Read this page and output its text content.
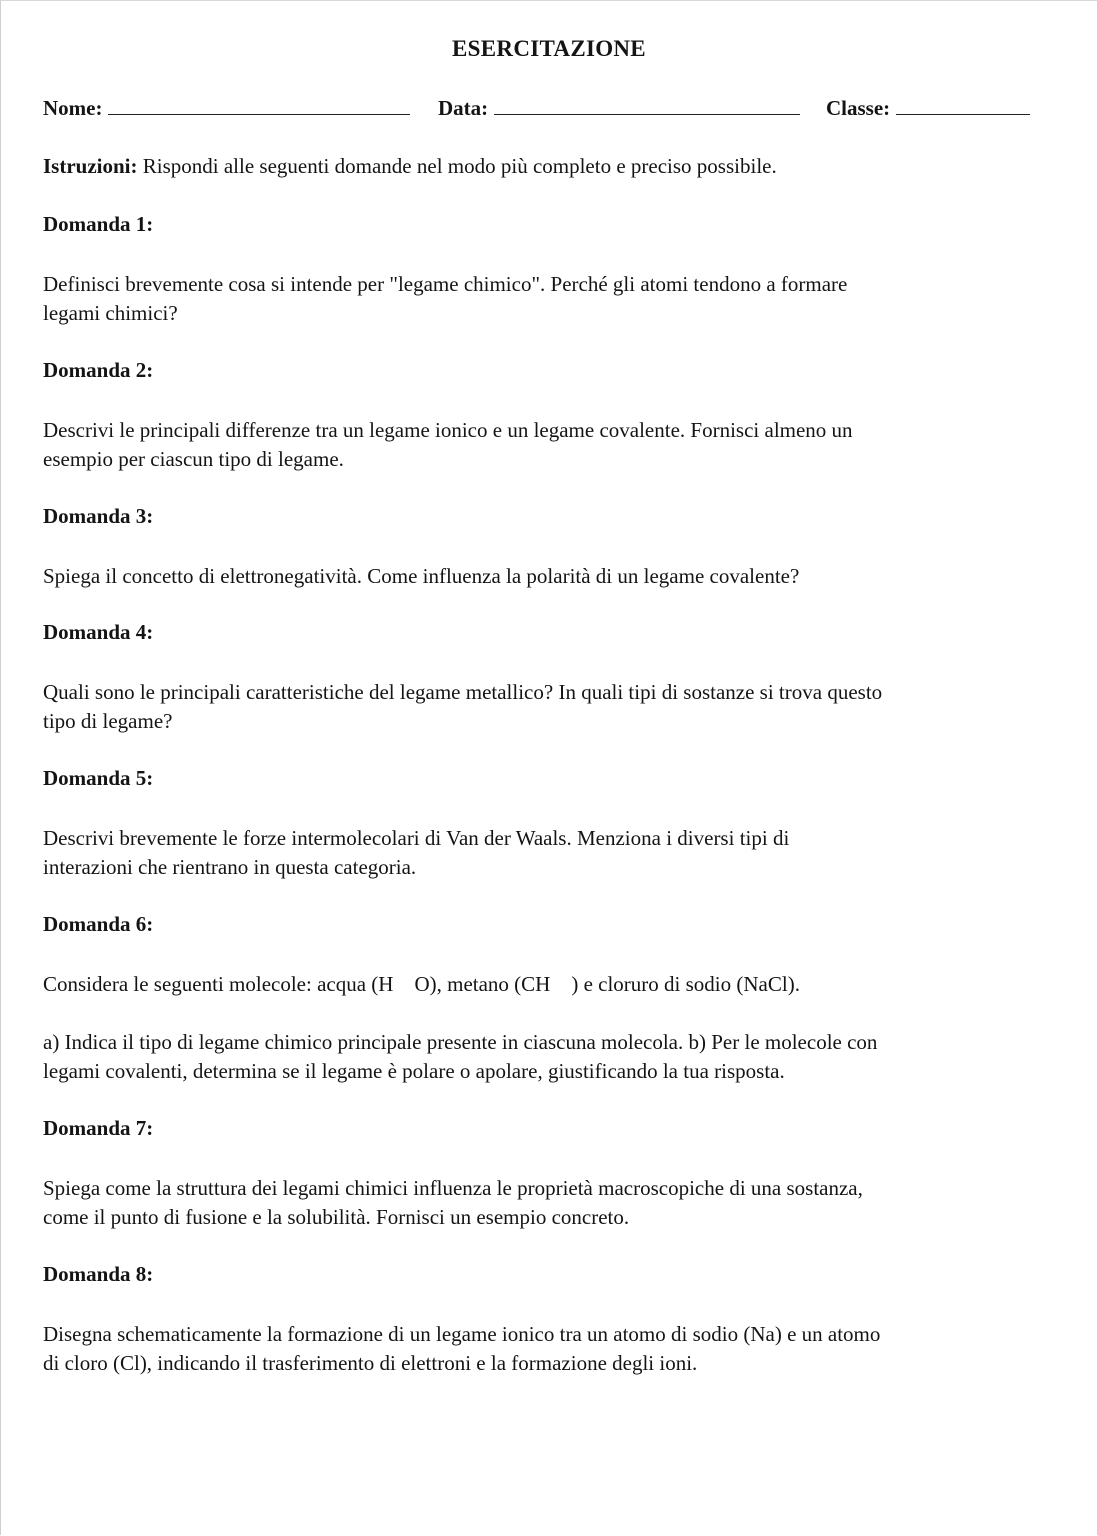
ESERCITAZIONE
Nome:	Data:	Classe:
Istruzioni: Rispondi alle seguenti domande nel modo più completo e preciso possibile.
Domanda 1:
Definisci brevemente cosa si intende per "legame chimico". Perché gli atomi tendono a formare
legami chimici?
Domanda 2:
Descrivi le principali differenze tra un legame ionico e un legame covalente. Fornisci almeno un
esempio per ciascun tipo di legame.
Domanda 3:
Spiega il concetto di elettronegatività. Come influenza la polarità di un legame covalente?
Domanda 4:
Quali sono le principali caratteristiche del legame metallico? In quali tipi di sostanze si trova questo
tipo di legame?
Domanda 5:
Descrivi brevemente le forze intermolecolari di Van der Waals. Menziona i diversi tipi di
interazioni che rientrano in questa categoria.
Domanda 6:
Considera le seguenti molecole: acqua (H O), metano (CH ) e cloruro di sodio (NaCl).
a) Indica il tipo di legame chimico principale presente in ciascuna molecola. b) Per le molecole con
legami covalenti, determina se il legame è polare o apolare, giustificando la tua risposta.
Domanda 7:
Spiega come la struttura dei legami chimici influenza le proprietà macroscopiche di una sostanza,
come il punto di fusione e la solubilità. Fornisci un esempio concreto.
Domanda 8:
Disegna schematicamente la formazione di un legame ionico tra un atomo di sodio (Na) e un atomo
di cloro (Cl), indicando il trasferimento di elettroni e la formazione degli ioni.
